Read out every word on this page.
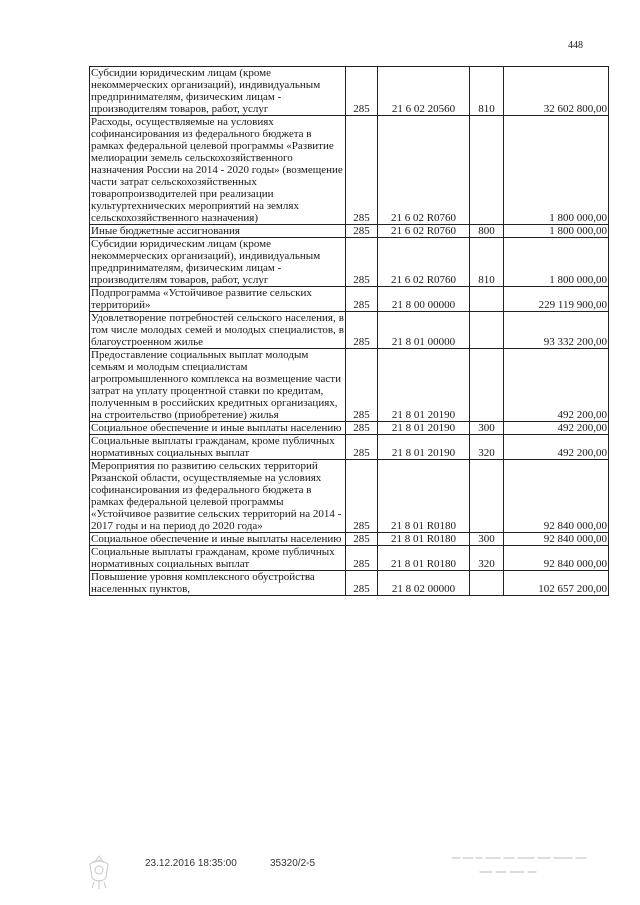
448
Субсидии юридическим лицам (кроме некоммерческих организаций), индивидуальным предпринимателям, физическим лицам - производителям товаров, работ, услуг	285	21 6 02 20560	810	32 602 800,00
Расходы, осуществляемые на условиях софинансирования из федерального бюджета в рамках федеральной целевой программы «Развитие мелиорации земель сельскохозяйственного назначения России на 2014 - 2020 годы» (возмещение части затрат сельскохозяйственных товаропроизводителей при реализации культуртехнических мероприятий на землях сельскохозяйственного назначения)	285	21 6 02 R0760		1 800 000,00
Иные бюджетные ассигнования	285	21 6 02 R0760	800	1 800 000,00
Субсидии юридическим лицам (кроме некоммерческих организаций), индивидуальным предпринимателям, физическим лицам - производителям товаров, работ, услуг	285	21 6 02 R0760	810	1 800 000,00
Подпрограмма «Устойчивое развитие сельских территорий»	285	21 8 00 00000		229 119 900,00
Удовлетворение потребностей сельского населения, в том числе молодых семей и молодых специалистов, в благоустроенном жилье	285	21 8 01 00000		93 332 200,00
Предоставление социальных выплат молодым семьям и молодым специалистам агропромышленного комплекса на возмещение части затрат на уплату процентной ставки по кредитам, полученным в российских кредитных организациях, на строительство (приобретение) жилья	285	21 8 01 20190		492 200,00
Социальное обеспечение и иные выплаты населению	285	21 8 01 20190	300	492 200,00
Социальные выплаты гражданам, кроме публичных нормативных социальных выплат	285	21 8 01 20190	320	492 200,00
Мероприятия по развитию сельских территорий Рязанской области, осуществляемые на условиях софинансирования из федерального бюджета в рамках федеральной целевой программы «Устойчивое развитие сельских территорий на 2014 - 2017 годы и на период до 2020 года»	285	21 8 01 R0180		92 840 000,00
Социальное обеспечение и иные выплаты населению	285	21 8 01 R0180	300	92 840 000,00
Социальные выплаты гражданам, кроме публичных нормативных социальных выплат	285	21 8 01 R0180	320	92 840 000,00
Повышение уровня комплексного обустройства населенных пунктов,	285	21 8 02 00000		102 657 200,00
23.12.2016 18:35:00	35320/2-5
